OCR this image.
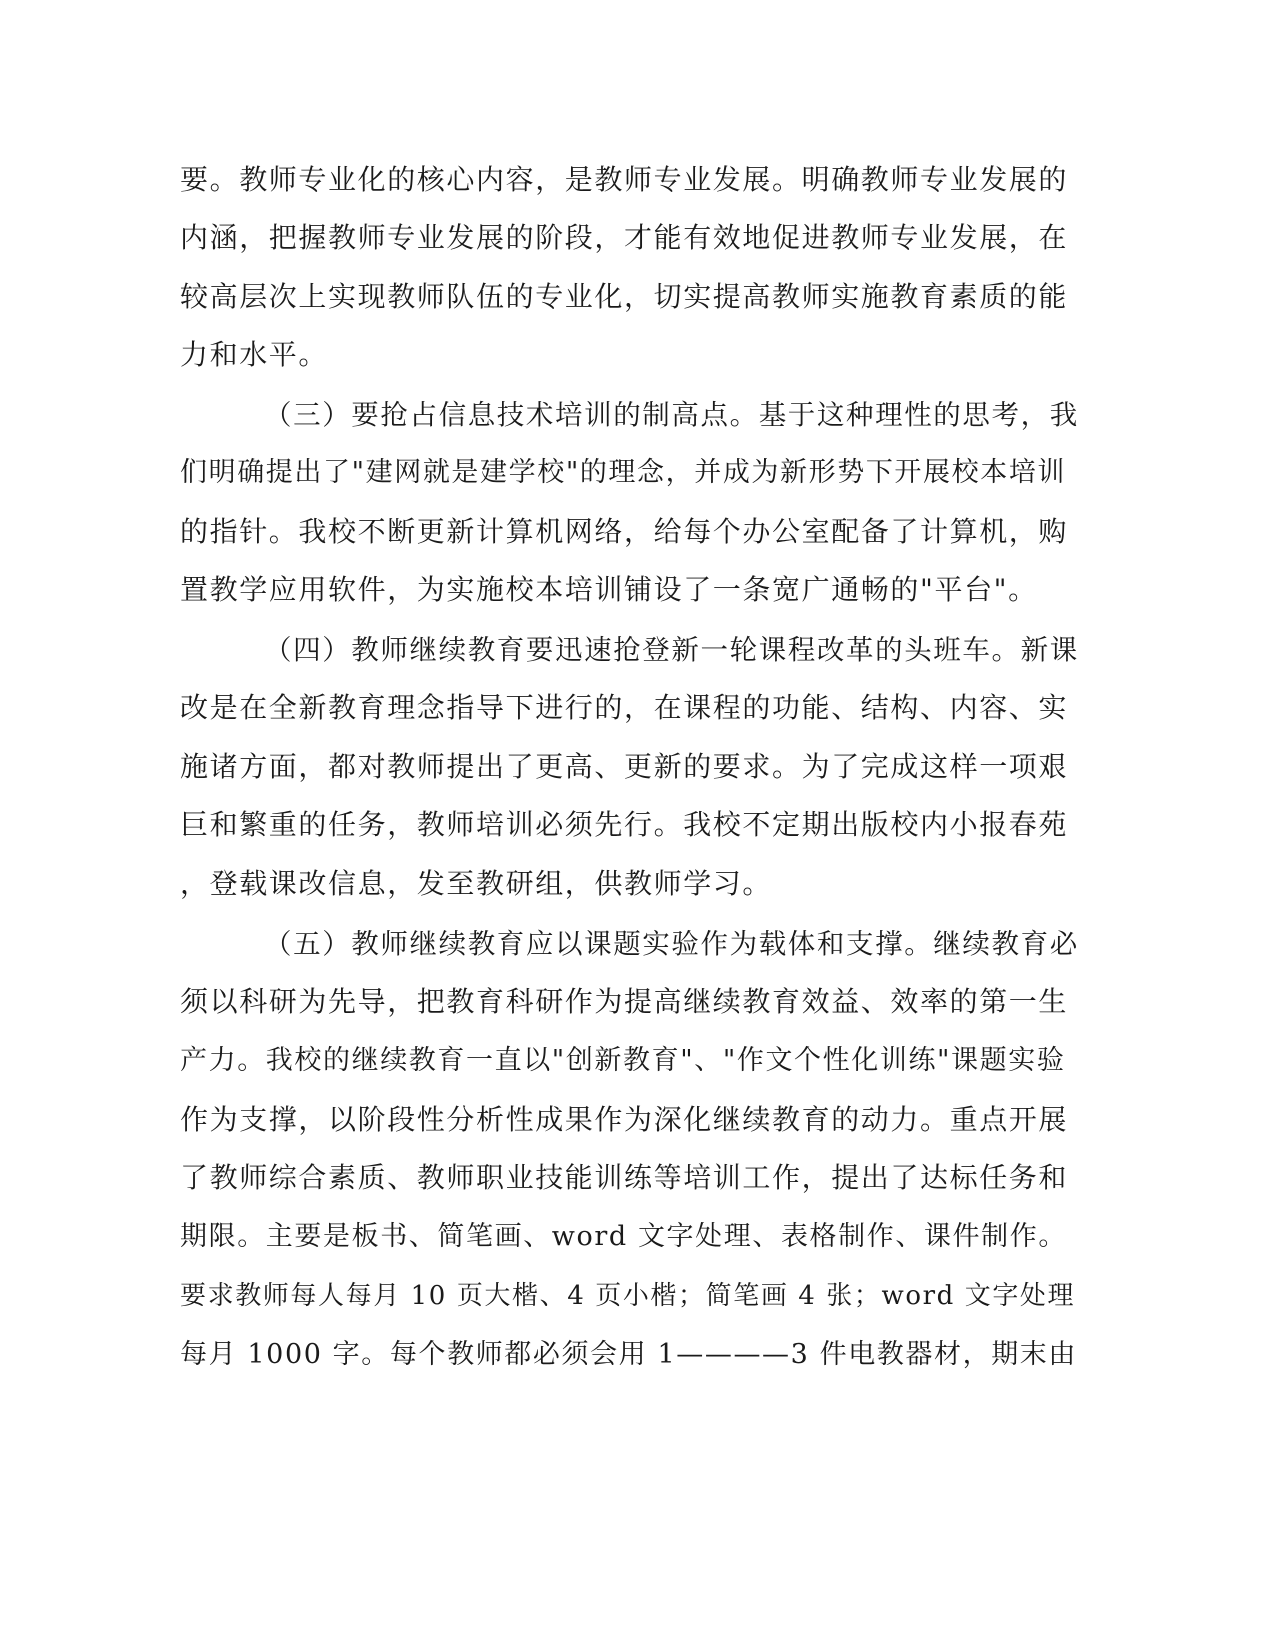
要。教师专业化的核心内容，是教师专业发展。明确教师专业发展的
内涵，把握教师专业发展的阶段，才能有效地促进教师专业发展，在
较高层次上实现教师队伍的专业化，切实提高教师实施教育素质的能
力和水平。
（三）要抢占信息技术培训的制高点。基于这种理性的思考，我
们明确提出了"建网就是建学校"的理念，并成为新形势下开展校本培训
的指针。我校不断更新计算机网络，给每个办公室配备了计算机，购
置教学应用软件，为实施校本培训铺设了一条宽广通畅的"平台"。
（四）教师继续教育要迅速抢登新一轮课程改革的头班车。新课
改是在全新教育理念指导下进行的，在课程的功能、结构、内容、实
施诸方面，都对教师提出了更高、更新的要求。为了完成这样一项艰
巨和繁重的任务，教师培训必须先行。我校不定期出版校内小报春苑
，登载课改信息，发至教研组，供教师学习。
（五）教师继续教育应以课题实验作为载体和支撑。继续教育必
须以科研为先导，把教育科研作为提高继续教育效益、效率的第一生
产力。我校的继续教育一直以"创新教育"、"作文个性化训练"课题实验
作为支撑，以阶段性分析性成果作为深化继续教育的动力。重点开展
了教师综合素质、教师职业技能训练等培训工作，提出了达标任务和
期限。主要是板书、简笔画、word 文字处理、表格制作、课件制作。
要求教师每人每月 10 页大楷、4 页小楷；简笔画 4 张；word 文字处理
每月 1000 字。每个教师都必须会用 1————3 件电教器材，期末由
